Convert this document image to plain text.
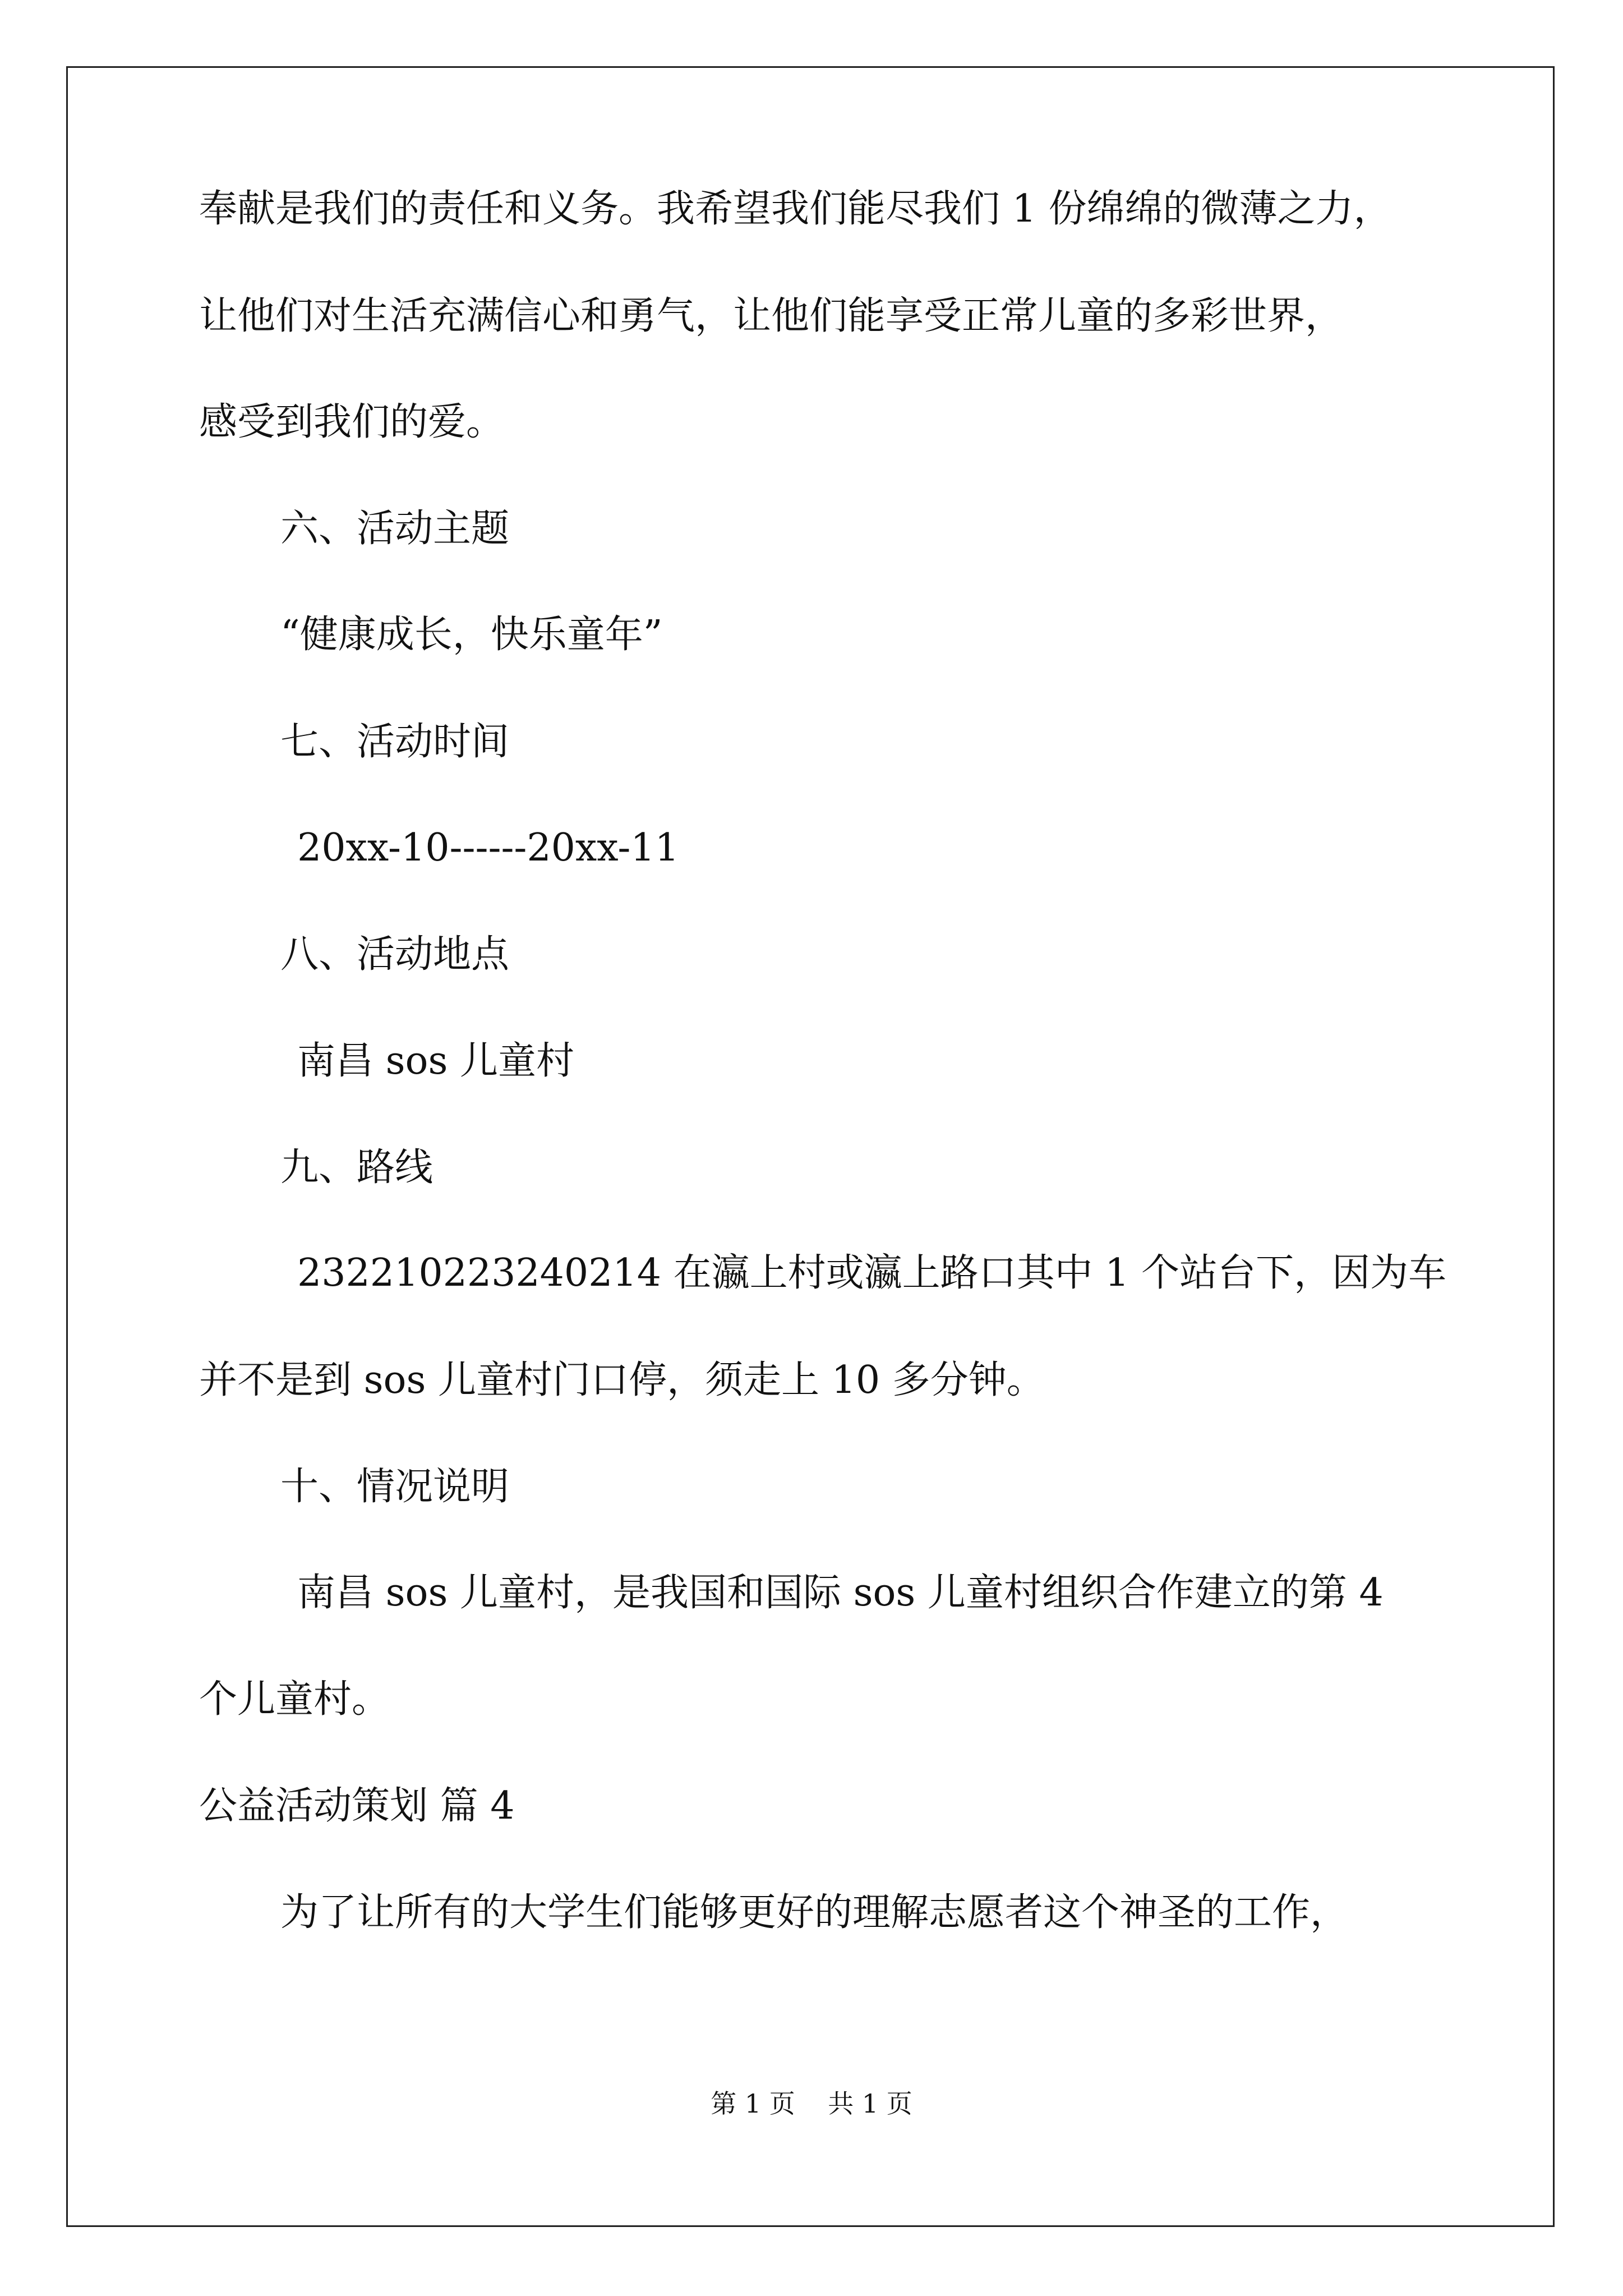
奉献是我们的责任和义务。我希望我们能尽我们 1 份绵绵的微薄之力，
让他们对生活充满信心和勇气，让他们能享受正常儿童的多彩世界，
感受到我们的爱。
六、活动主题
“健康成长，快乐童年”
七、活动时间
20xx-10------20xx-11
八、活动地点
南昌 sos 儿童村
九、路线
232210223240214 在瀛上村或瀛上路口其中 1 个站台下，因为车
并不是到 sos 儿童村门口停，须走上 10 多分钟。
十、情况说明
南昌 sos 儿童村，是我国和国际 sos 儿童村组织合作建立的第 4
个儿童村。
公益活动策划 篇 4
为了让所有的大学生们能够更好的理解志愿者这个神圣的工作，
第 1 页    共 1 页
